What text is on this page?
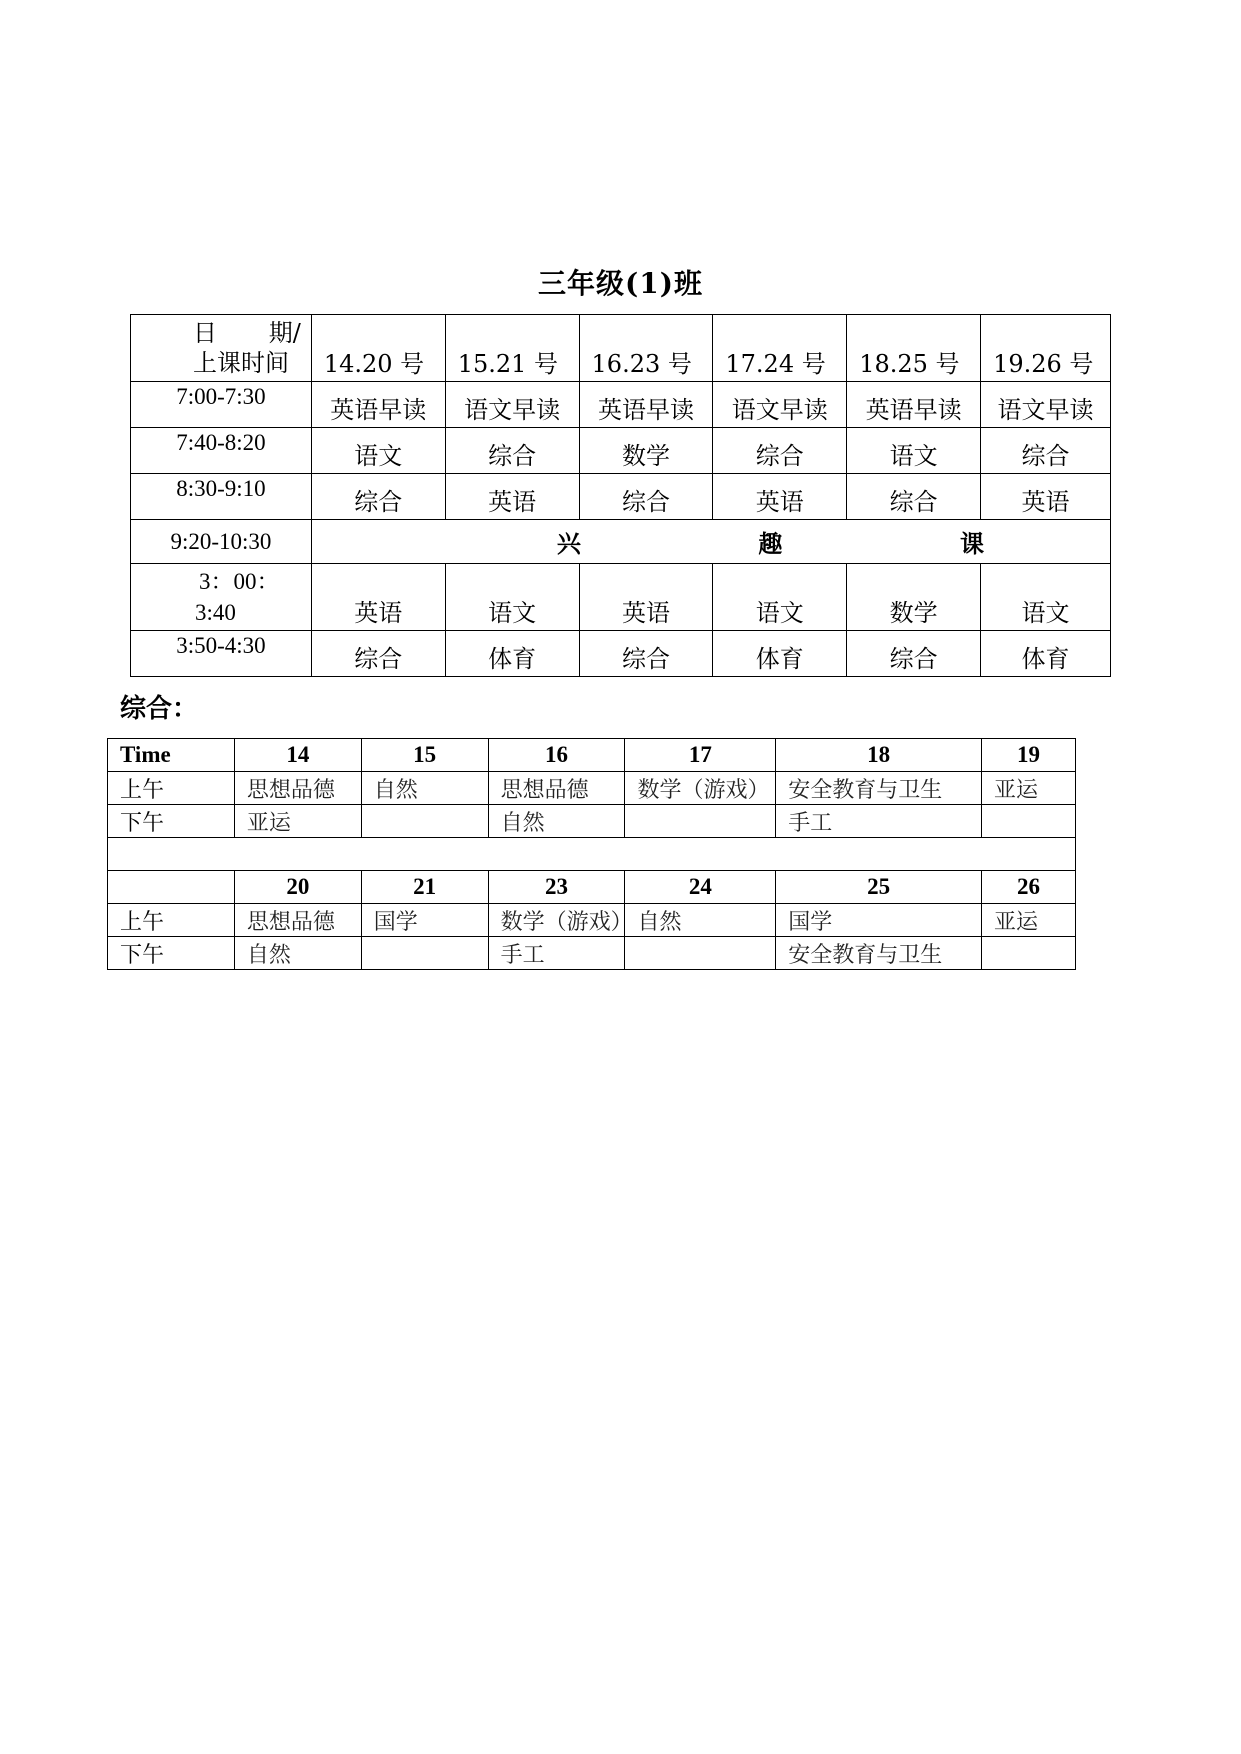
三年级(1)班
日 期/
上课时间	14.20 号	15.21 号	16.23 号	17.24 号	18.25 号	19.26 号
7:00-7:30	英语早读	语文早读	英语早读	语文早读	英语早读	语文早读
7:40-8:20	语文	综合	数学	综合	语文	综合
8:30-9:10	综合	英语	综合	英语	综合	英语
9:20-10:30	兴 趣 课					

3：00：
3:40	英语	语文	英语	语文	数学	语文
3:50-4:30	综合	体育	综合	体育	综合	体育
综合：
Time	14	15	16	17	18	19
上午	思想品德	自然	思想品德	数学（游戏）	安全教育与卫生	亚运
下午	亚运		自然		手工	

	20	21	23	24	25	26
上午	思想品德	国学	数学（游戏）	自然	国学	亚运
下午	自然		手工		安全教育与卫生	
